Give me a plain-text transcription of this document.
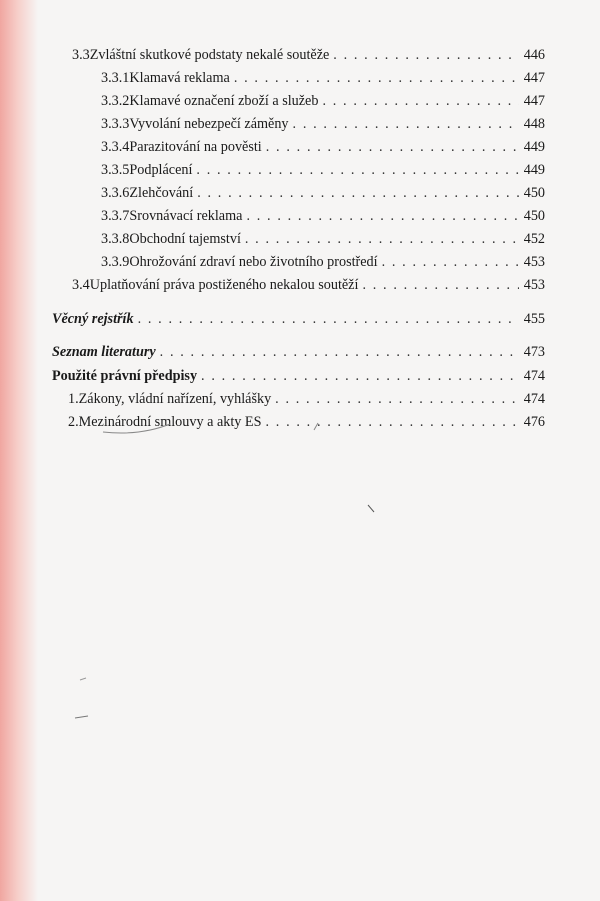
3.3 Zvláštní skutkové podstaty nekalé soutěže . . .	446
3.3.1 Klamavá reklama . . .	447
3.3.2 Klamavé označení zboží a služeb . . .	447
3.3.3 Vyvolání nebezpečí záměny . . .	448
3.3.4 Parazitování na pověsti . . .	449
3.3.5 Podplácení . . .	449
3.3.6 Zlehčování . . .	450
3.3.7 Srovnávací reklama . . .	450
3.3.8 Obchodní tajemství . . .	452
3.3.9 Ohrožování zdraví nebo životního prostředí . . .	453
3.4 Uplatňování práva postiženého nekalou soutěží . . .	453
Věcný rejstřík . . .	455
Seznam literatury . . .	473
Použité právní předpisy . . .	474
1. Zákony, vládní nařízení, vyhlášky . . .	474
2. Mezinárodní smlouvy a akty ES . . .	476
